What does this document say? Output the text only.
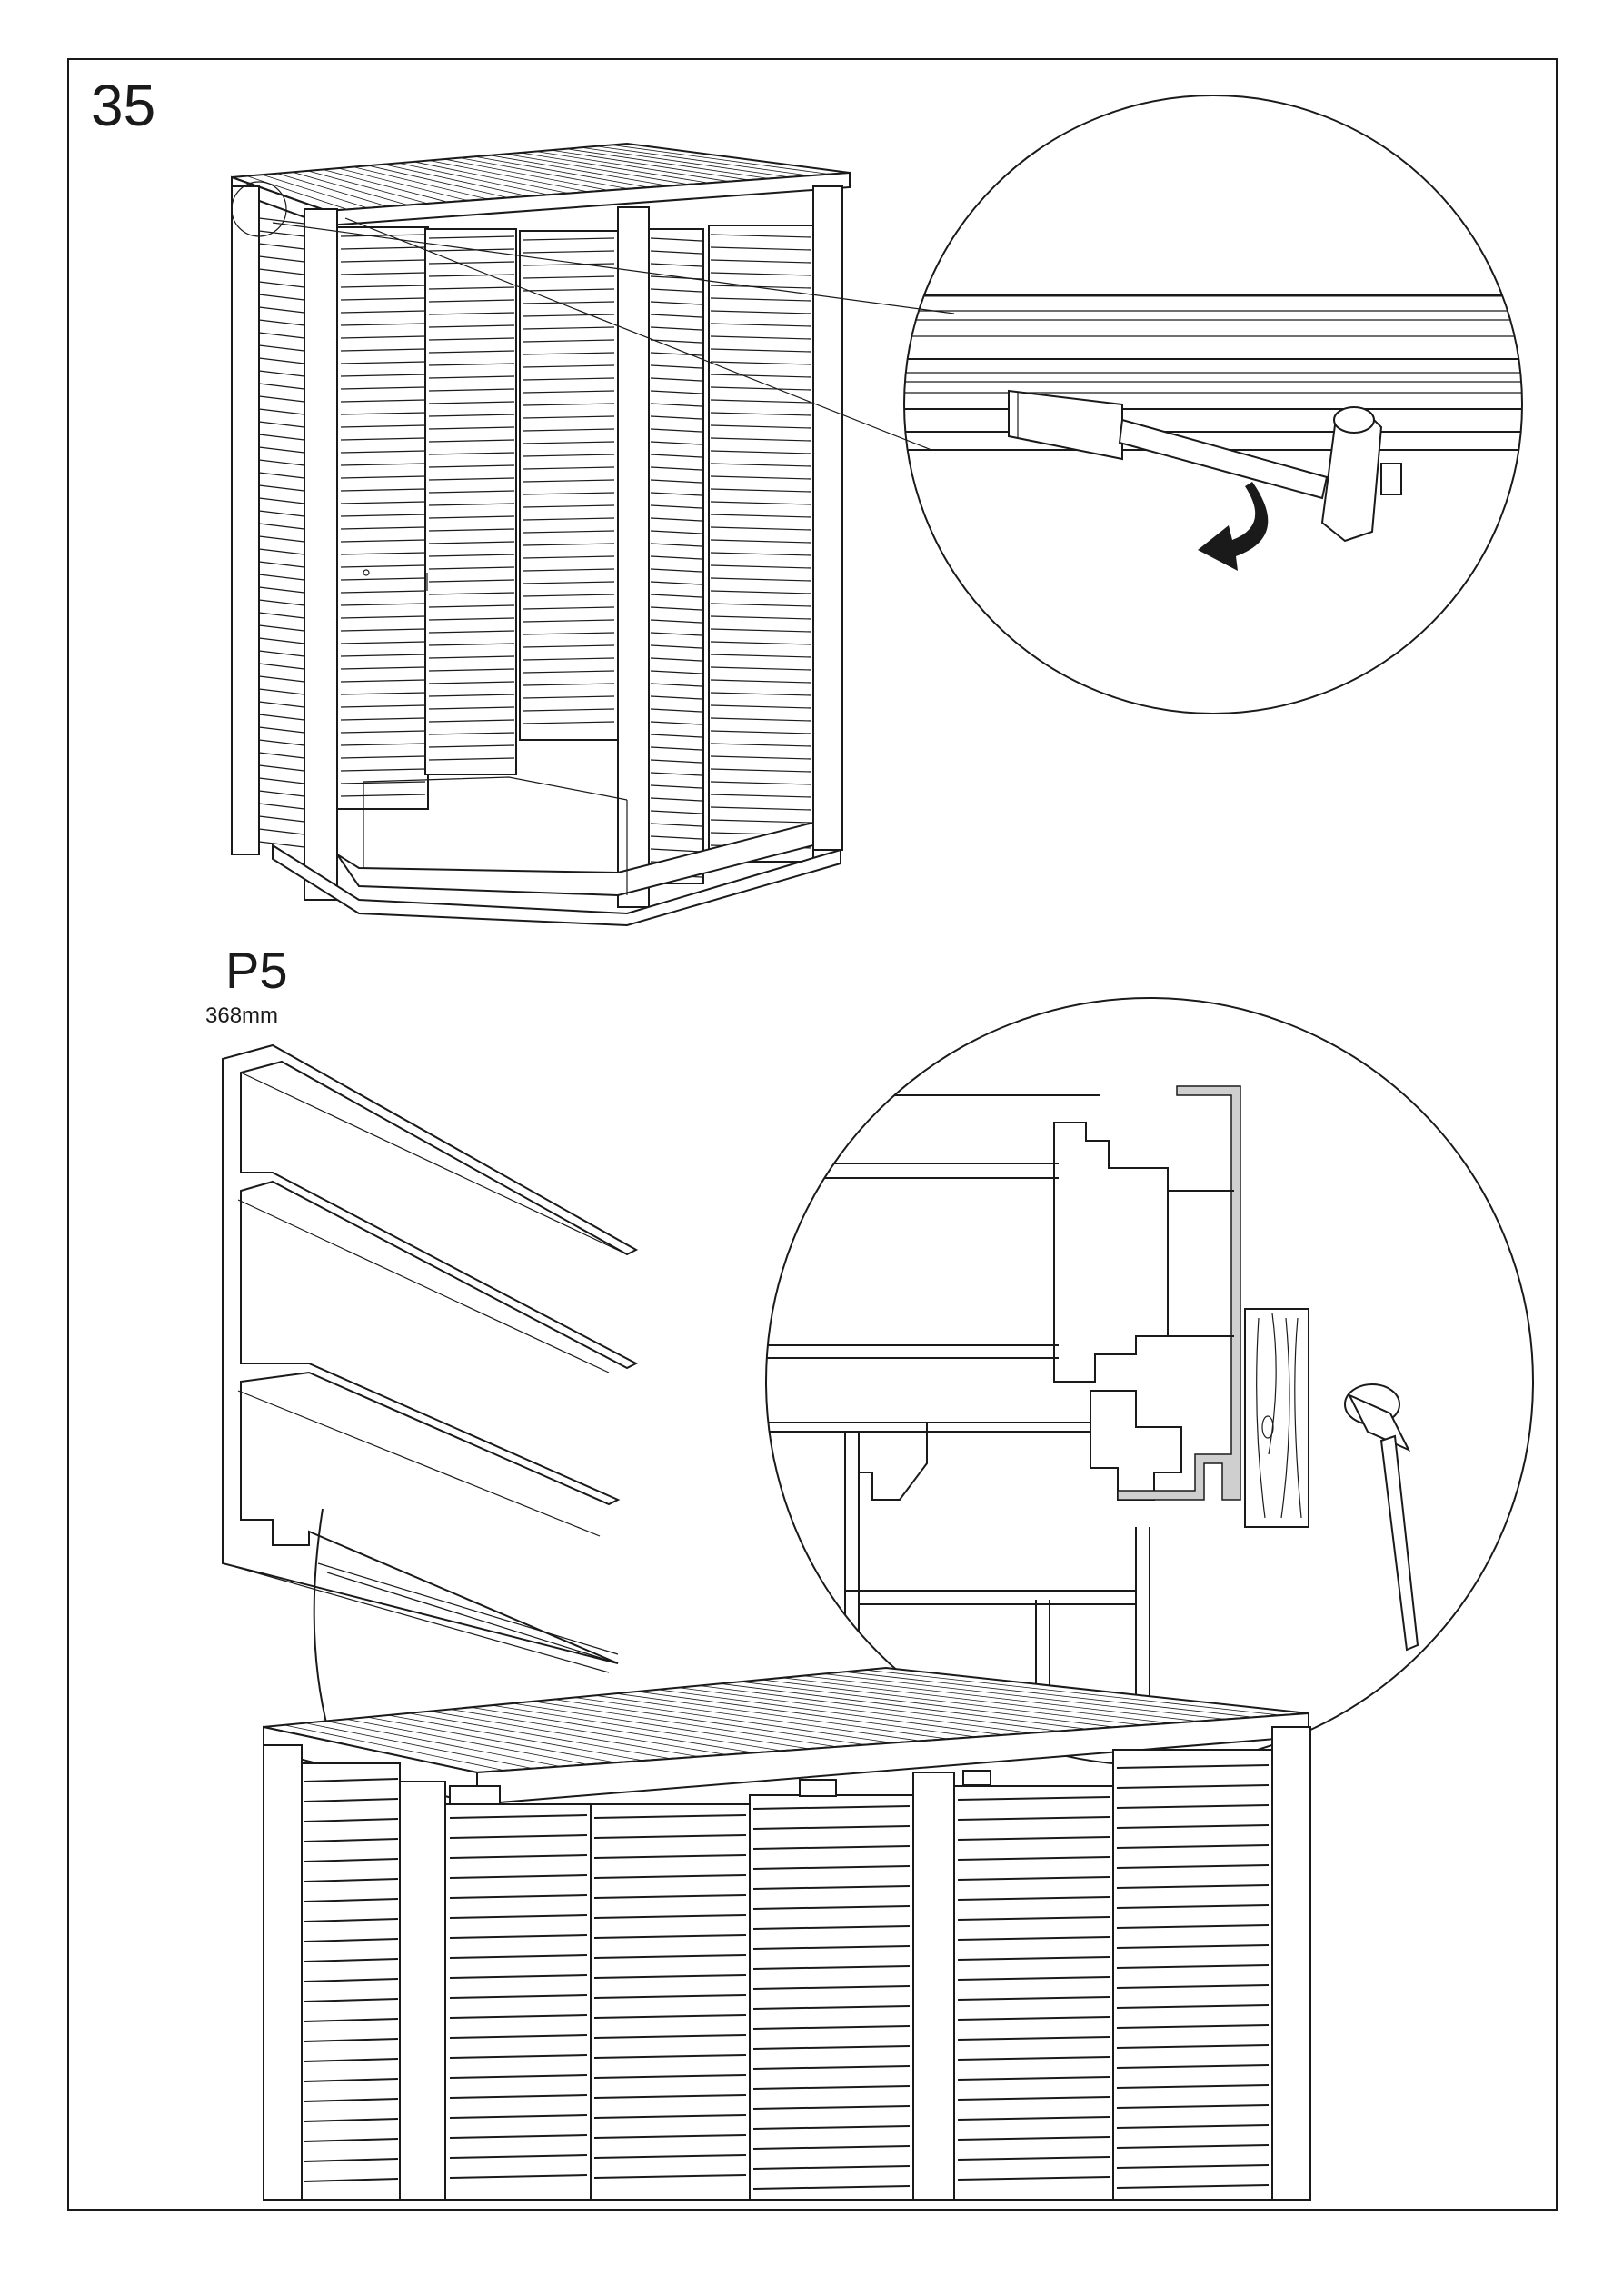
35
P5
368mm
